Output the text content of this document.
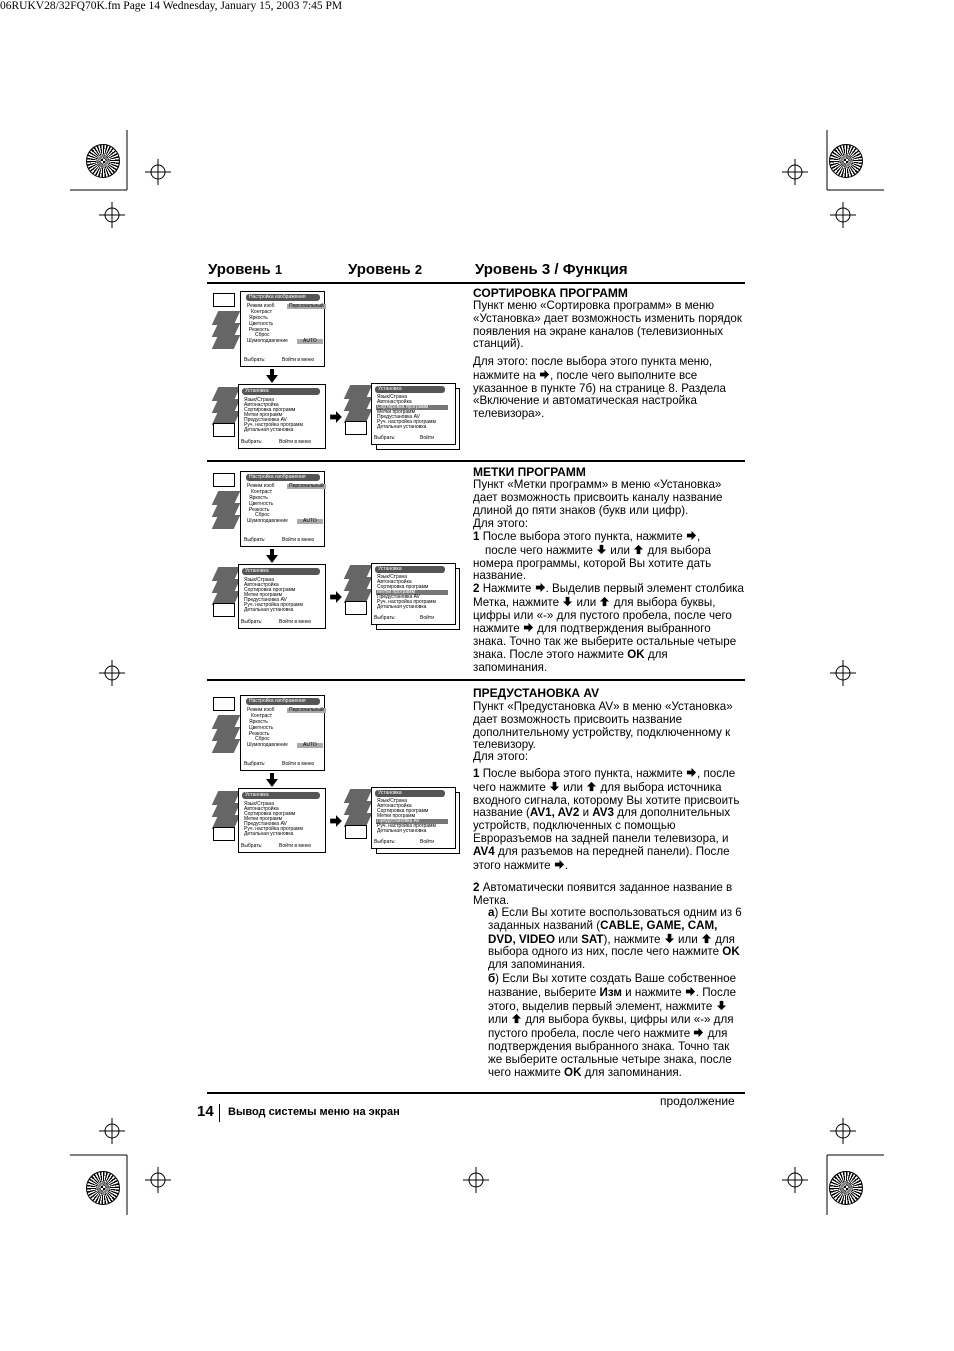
06RUKV28/32FQ70K.fm Page 14 Wednesday, January 15, 2003 7:45 PM
Уровень 1	Уровень 2	Уровень 3 / Функция
Настройка изображения
Режим изоб	Персональный
Контраст
Яркость
Цветность
Резкость
Сброс
Шумоподавление	AUTO
Выбрать:	Войти в меню
Установка
Язык/Страна
Автонастройка
Сортировка программ
Метки программ
Предустановка AV
Руч. настройка программ
Детальная установка
Выбрать:	Войти в меню
Установка
Язык/Страна
Автонастройка
Сортировка программ
Метки программ
Предустановка AV
Руч. настройка программ
Детальная установка
Выбрать:	Войти
Настройка изображения
Режим изоб	Персональный
Контраст
Яркость
Цветность
Резкость
Сброс
Шумоподавление	AUTO
Выбрать:	Войти в меню
Установка
Язык/Страна
Автонастройка
Сортировка программ
Метки программ
Предустановка AV
Руч. настройка программ
Детальная установка
Выбрать:	Войти в меню
Установка
Язык/Страна
Автонастройка
Сортировка программ
Метки программ
Предустановка AV
Руч. настройка программ
Детальная установка
Выбрать:	Войти
Настройка изображения
Режим изоб	Персональный
Контраст
Яркость
Цветность
Резкость
Сброс
Шумоподавление	AUTO
Выбрать:	Войти в меню
Установка
Язык/Страна
Автонастройка
Сортировка программ
Метки программ
Предустановка AV
Руч. настройка программ
Детальная установка
Выбрать:	Войти в меню
Установка
Язык/Страна
Автонастройка
Сортировка программ
Метки программ
Предустановка AV
Руч. настройка программ
Детальная установка
Выбрать:	Войти
СОРТИРОВКА ПРОГРАММ
Пункт меню «Сортировка программ» в меню «Установка» дает возможность изменить порядок появления на экране каналов (телевизионных станций).
Для этого: после выбора этого пункта меню, нажмите на , после чего выполните все указанное в пункте 7б) на странице 8. Раздела «Включение и автоматическая настройка телевизора».
МЕТКИ ПРОГРАММ
Пункт «Метки программ» в меню «Установка» дает возможность присвоить каналу название длиной до пяти знаков (букв или цифр).
Для этого:
1 После выбора этого пункта, нажмите ,
после чего нажмите или для выбора номера программы, которой Вы хотите дать название.
2 Нажмите . Выделив первый элемент столбика Метка, нажмите или для выбора буквы, цифры или «-» для пустого пробела, после чего нажмите для подтверждения выбранного знака. Точно так же выберите остальные четыре знака. После этого нажмите OK для запоминания.
ПРЕДУСТАНОВКА AV
Пункт «Предустановка AV» в меню «Установка» дает возможность присвоить название дополнительному устройству, подключенному к телевизору.
Для этого:
1 После выбора этого пункта, нажмите , после чего нажмите или для выбора источника входного сигнала, которому Вы хотите присвоить название (AV1, AV2 и AV3 для дополнительных устройств, подключенных с помощью Евроразъемов на задней панели телевизора, и AV4 для разъемов на передней панели). После этого нажмите .
2 Автоматически появится заданное название в Метка.
а) Если Вы хотите воспользоваться одним из 6 заданных названий (CABLE, GAME, CAM, DVD, VIDEO или SAT), нажмите или для выбора одного из них, после чего нажмите OK для запоминания.
б) Если Вы хотите создать Ваше собственное название, выберите Изм и нажмите . После этого, выделив первый элемент, нажмите  или для выбора буквы, цифры или «-» для пустого пробела, после чего нажмите для подтверждения выбранного знака. Точно так же выберите остальные четыре знака, после чего нажмите OK для запоминания.
продолжение
14 Вывод системы меню на экран
